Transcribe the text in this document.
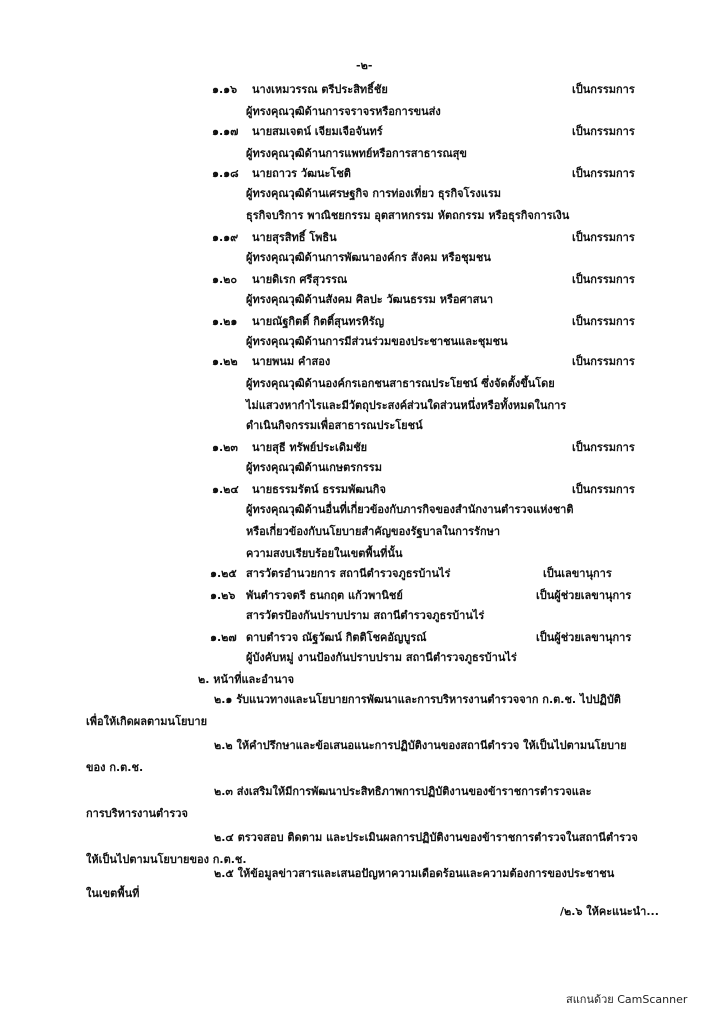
-๒-
๑.๑๖ นางเหมวรรณ ตรีประสิทธิ์ชัย	เป็นกรรมการ
ผู้ทรงคุณวุฒิด้านการจราจรหรือการขนส่ง
๑.๑๗ นายสมเจตน์ เจียมเจือจันทร์	เป็นกรรมการ
ผู้ทรงคุณวุฒิด้านการแพทย์หรือการสาธารณสุข
๑.๑๘ นายถาวร วัฒนะโชติ	เป็นกรรมการ
ผู้ทรงคุณวุฒิด้านเศรษฐกิจ การท่องเที่ยว ธุรกิจโรงแรม
ธุรกิจบริการ พาณิชยกรรม อุตสาหกรรม หัตถกรรม หรือธุรกิจการเงิน
๑.๑๙ นายสุรสิทธิ์ โพธิน	เป็นกรรมการ
ผู้ทรงคุณวุฒิด้านการพัฒนาองค์กร สังคม หรือชุมชน
๑.๒๐ นายดิเรก ศรีสุวรรณ	เป็นกรรมการ
ผู้ทรงคุณวุฒิด้านสังคม ศิลปะ วัฒนธรรม หรือศาสนา
๑.๒๑ นายณัฐกิตติ์ กิตติ์สุนทรหิรัญ	เป็นกรรมการ
ผู้ทรงคุณวุฒิด้านการมีส่วนร่วมของประชาชนและชุมชน
๑.๒๒ นายพนม คำสอง	เป็นกรรมการ
ผู้ทรงคุณวุฒิด้านองค์กรเอกชนสาธารณประโยชน์ ซึ่งจัดตั้งขึ้นโดย
ไม่แสวงหากำไรและมีวัตถุประสงค์ส่วนใดส่วนหนึ่งหรือทั้งหมดในการ
ดำเนินกิจกรรมเพื่อสาธารณประโยชน์
๑.๒๓ นายสุธี ทรัพย์ประเดิมชัย	เป็นกรรมการ
ผู้ทรงคุณวุฒิด้านเกษตรกรรม
๑.๒๔ นายธรรมรัตน์ ธรรมพัฒนกิจ	เป็นกรรมการ
ผู้ทรงคุณวุฒิด้านอื่นที่เกี่ยวข้องกับภารกิจของสำนักงานตำรวจแห่งชาติ
หรือเกี่ยวข้องกับนโยบายสำคัญของรัฐบาลในการรักษา
ความสงบเรียบร้อยในเขตพื้นที่นั้น
๑.๒๕ สารวัตรอำนวยการ สถานีตำรวจภูธรบ้านไร่	เป็นเลขานุการ
๑.๒๖ พันตำรวจตรี ธนกฤต แก้วพานิชย์	เป็นผู้ช่วยเลขานุการ
สารวัตรป้องกันปราบปราม สถานีตำรวจภูธรบ้านไร่
๑.๒๗ ดาบตำรวจ ณัฐวัฒน์ กิตติโชคอัญบูรณ์	เป็นผู้ช่วยเลขานุการ
ผู้บังคับหมู่ งานป้องกันปราบปราม สถานีตำรวจภูธรบ้านไร่
๒. หน้าที่และอำนาจ
๒.๑ รับแนวทางและนโยบายการพัฒนาและการบริหารงานตำรวจจาก ก.ต.ช. ไปปฏิบัติ
เพื่อให้เกิดผลตามนโยบาย
๒.๒ ให้คำปรึกษาและข้อเสนอแนะการปฏิบัติงานของสถานีตำรวจ ให้เป็นไปตามนโยบาย
ของ ก.ต.ช.
๒.๓ ส่งเสริมให้มีการพัฒนาประสิทธิภาพการปฏิบัติงานของข้าราชการตำรวจและ
การบริหารงานตำรวจ
๒.๔ ตรวจสอบ ติดตาม และประเมินผลการปฏิบัติงานของข้าราชการตำรวจในสถานีตำรวจ
ให้เป็นไปตามนโยบายของ ก.ต.ช.
๒.๕ ให้ข้อมูลข่าวสารและเสนอปัญหาความเดือดร้อนและความต้องการของประชาชน
ในเขตพื้นที่
/๒.๖ ให้คะแนะนำ...
สแกนด้วย CamScanner
